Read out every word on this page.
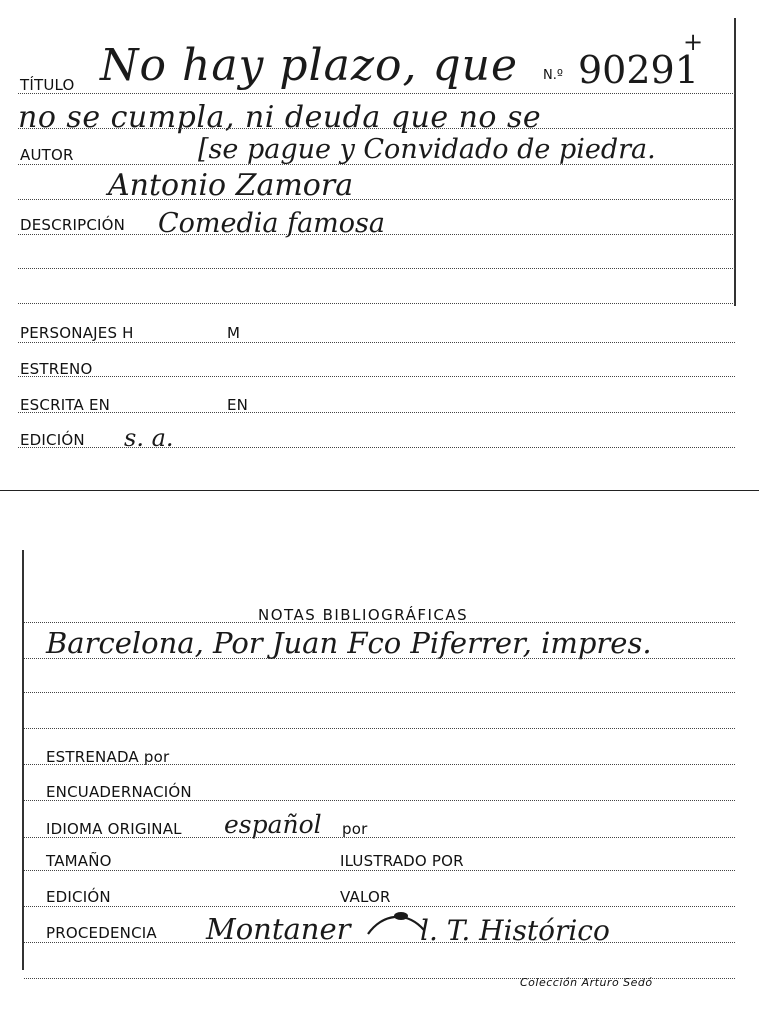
TÍTULO No hay plazo, que N.º 90291
+
no se cumpla, ni deuda que no se
AUTOR	[se pague y Convidado de piedra.
Antonio Zamora
DESCRIPCIÓN Comedia famosa
PERSONAJES H	M
ESTRENO
ESCRITA EN	EN
EDICIÓN s. a.
NOTAS BIBLIOGRÁFICAS
Barcelona, Por Juan Fco Piferrer, impres.
ESTRENADA por
ENCUADERNACIÓN
IDIOMA ORIGINAL español por
TAMAÑO	ILUSTRADO POR
EDICIÓN	VALOR
PROCEDENCIA Montaner l. T. Histórico
Colección Arturo Sedó
